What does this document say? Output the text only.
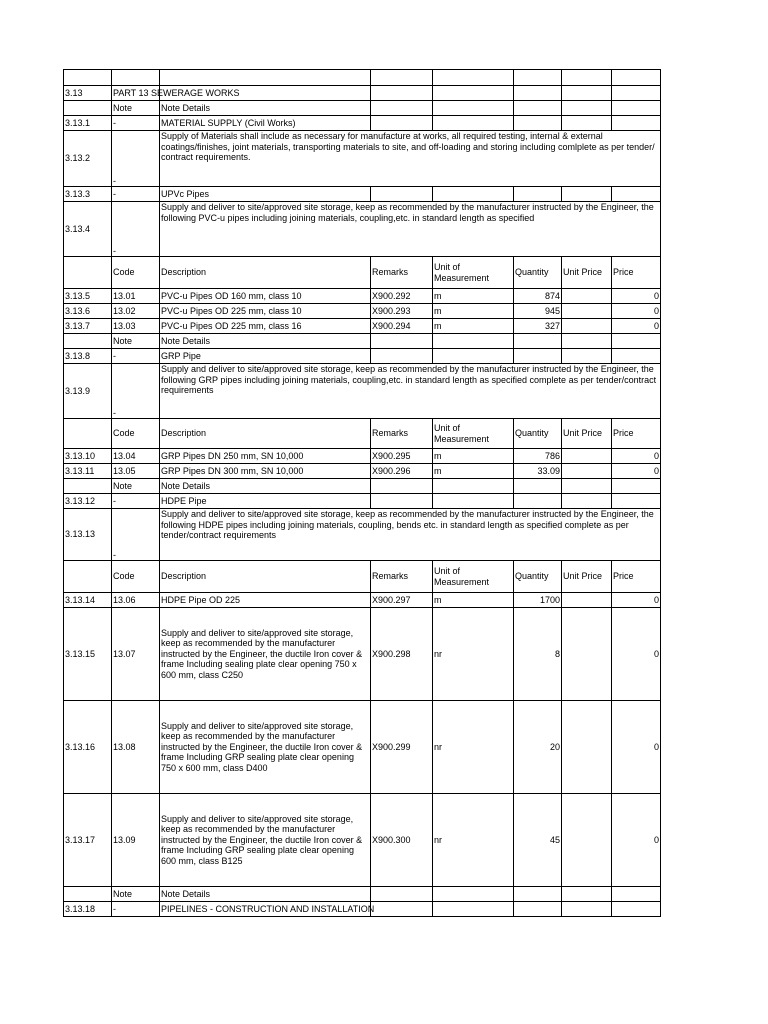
3.13	PART 13 SEWERAGE WORKS						
	Note	Note Details					
3.13.1	-	MATERIAL SUPPLY (Civil Works)					
3.13.2	-	Supply of Materials shall include as necessary for manufacture at works, all required testing, internal & external coatings/finishes, joint materials, transporting materials to site, and off-loading and storing including comlplete as per tender/ contract requirements.					
3.13.3	-	UPVc Pipes					
3.13.4	-	Supply and deliver to site/approved site storage, keep as recommended by the manufacturer instructed by the Engineer, the following PVC-u pipes including joining materials, coupling,etc. in standard length as specified					
	Code	Description	Remarks	Unit of Measurement	Quantity	Unit Price	Price
3.13.5	13.01	PVC-u Pipes OD 160 mm, class 10	X900.292	m	874		0
3.13.6	13.02	PVC-u Pipes OD 225 mm, class 10	X900.293	m	945		0
3.13.7	13.03	PVC-u Pipes OD 225 mm, class 16	X900.294	m	327		0
	Note	Note Details					
3.13.8	-	GRP Pipe					
3.13.9	-	Supply and deliver to site/approved site storage, keep as recommended by the manufacturer instructed by the Engineer, the following GRP pipes including joining materials, coupling,etc. in standard length as specified complete as per tender/contract requirements					
	Code	Description	Remarks	Unit of Measurement	Quantity	Unit Price	Price
3.13.10	13.04	GRP Pipes DN 250 mm, SN 10,000	X900.295	m	786		0
3.13.11	13.05	GRP Pipes DN 300 mm, SN 10,000	X900.296	m	33.09		0
	Note	Note Details					
3.13.12	-	HDPE Pipe					
3.13.13	-	Supply and deliver to site/approved site storage, keep as recommended by the manufacturer instructed by the Engineer, the following HDPE pipes including joining materials, coupling, bends etc. in standard length as specified complete as per tender/contract requirements					
	Code	Description	Remarks	Unit of Measurement	Quantity	Unit Price	Price
3.13.14	13.06	HDPE Pipe OD 225	X900.297	m	1700		0
3.13.15	13.07	Supply and deliver to site/approved site storage, keep as recommended by the manufacturer instructed by the Engineer, the ductile Iron cover & frame Including sealing plate clear opening 750 x 600 mm, class C250	X900.298	nr	8		0
3.13.16	13.08	Supply and deliver to site/approved site storage, keep as recommended by the manufacturer instructed by the Engineer, the ductile Iron cover & frame Including GRP sealing plate clear opening 750 x 600 mm, class D400	X900.299	nr	20		0
3.13.17	13.09	Supply and deliver to site/approved site storage, keep as recommended by the manufacturer instructed by the Engineer, the ductile Iron cover & frame Including GRP sealing plate clear opening 600 mm, class B125	X900.300	nr	45		0
	Note	Note Details					
3.13.18	-	PIPELINES - CONSTRUCTION AND INSTALLATION					
